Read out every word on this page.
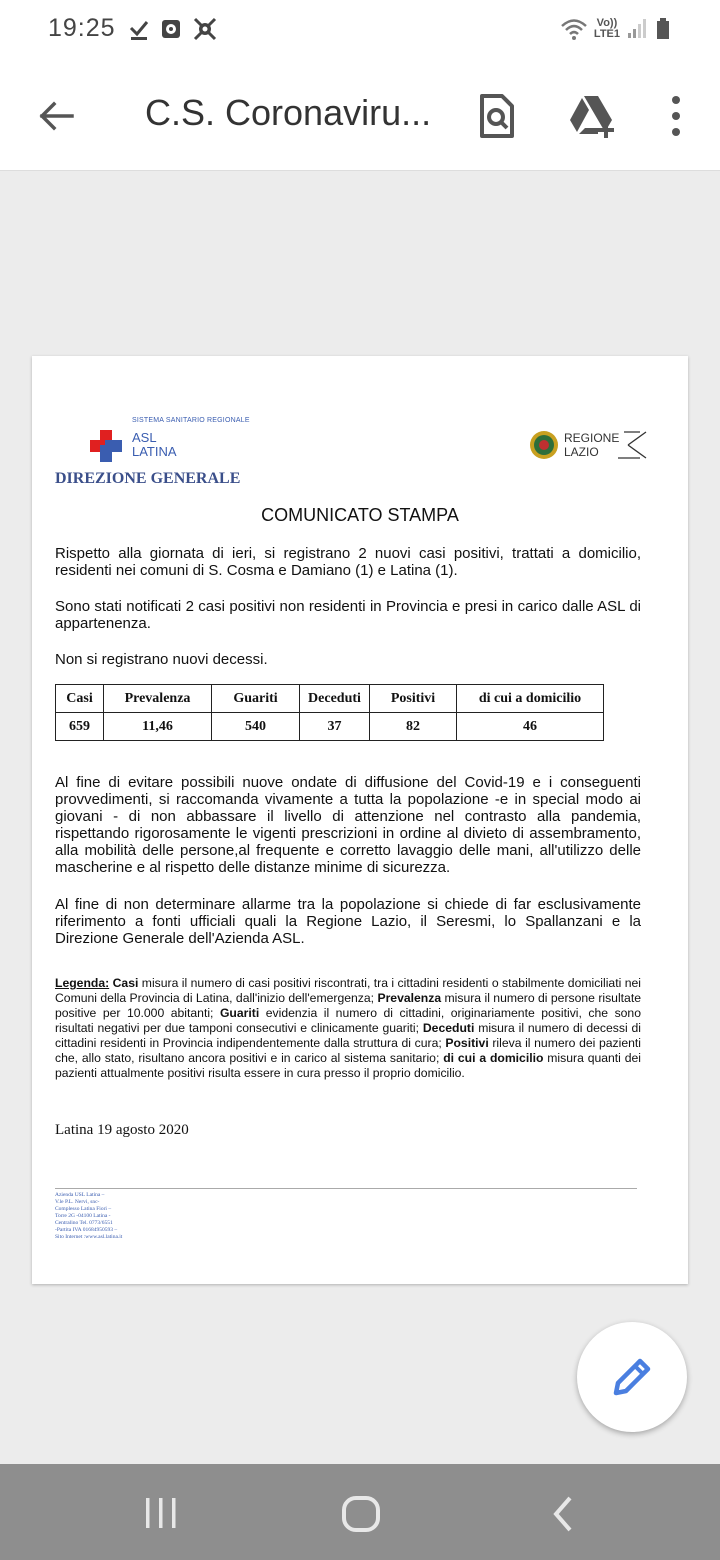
19:25	Vo))
LTE1
C.S. Coronaviru...
SISTEMA SANITARIO REGIONALE
ASL
LATINA
REGIONE
LAZIO
DIREZIONE GENERALE
COMUNICATO STAMPA
Rispetto alla giornata di ieri, si registrano 2 nuovi casi positivi, trattati a domicilio, residenti nei comuni di S. Cosma e Damiano (1) e Latina (1).
Sono stati notificati 2 casi positivi non residenti in Provincia e presi in carico dalle ASL di appartenenza.
Non si registrano nuovi decessi.
Casi	Prevalenza	Guariti	Deceduti	Positivi	di cui a domicilio
659	11,46	540	37	82	46
Al fine di evitare possibili nuove ondate di diffusione del Covid-19 e i conseguenti provvedimenti, si raccomanda vivamente a tutta la popolazione -e in special modo ai giovani - di non abbassare il livello di attenzione nel contrasto alla pandemia, rispettando rigorosamente le vigenti prescrizioni in ordine al divieto di assembramento, alla mobilità delle persone,al frequente e corretto lavaggio delle mani, all'utilizzo delle mascherine e al rispetto delle distanze minime di sicurezza.
Al fine di non determinare allarme tra la popolazione si chiede di far esclusivamente riferimento a fonti ufficiali quali la Regione Lazio, il Seresmi, lo Spallanzani e la Direzione Generale dell'Azienda ASL.
Legenda: Casi misura il numero di casi positivi riscontrati, tra i cittadini residenti o stabilmente domiciliati nei Comuni della Provincia di Latina, dall'inizio dell'emergenza; Prevalenza misura il numero di persone risultate positive per 10.000 abitanti; Guariti evidenzia il numero di cittadini, originariamente positivi, che sono risultati negativi per due tamponi consecutivi e clinicamente guariti; Deceduti misura il numero di decessi di cittadini residenti in Provincia indipendentemente dalla struttura di cura; Positivi rileva il numero dei pazienti che, allo stato, risultano ancora positivi e in carico al sistema sanitario; di cui a domicilio misura quanti dei pazienti attualmente positivi risulta essere in cura presso il proprio domicilio.
Latina 19 agosto 2020
Azienda USL Latina –
V.le P.L. Nervi, snc-
Complesso Latina Fiori –
Torre 2G -04100 Latina -
Centralino Tel. 0773/6551
-Partita IVA 01684950593 –
Sito Internet :www.asl.latina.it
